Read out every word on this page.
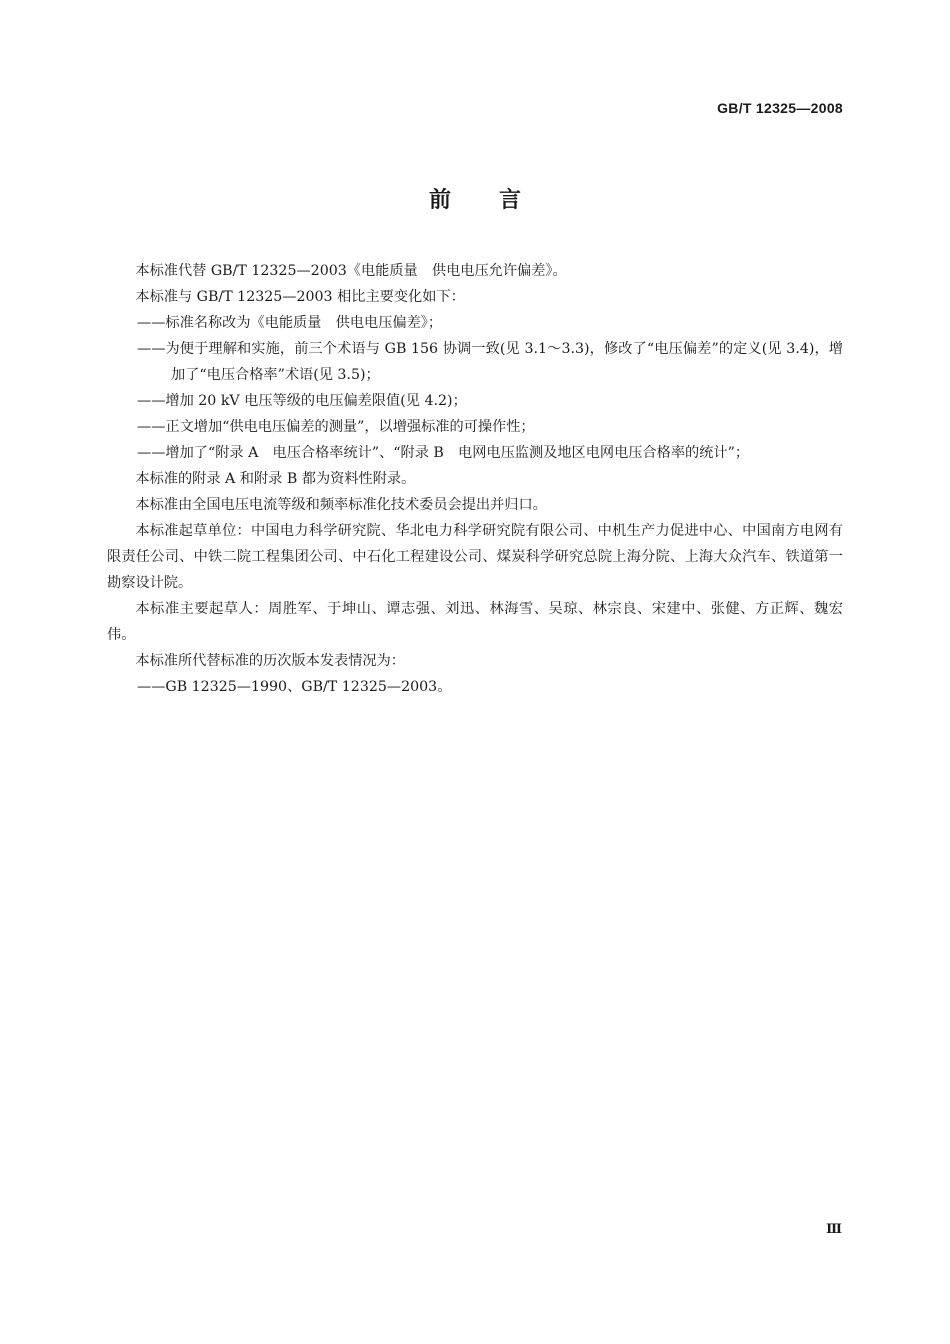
GB/T 12325—2008
前言

本标准代替 GB/T 12325—2003《电能质量　供电电压允许偏差》。

本标准与 GB/T 12325—2003 相比主要变化如下：

——标准名称改为《电能质量　供电电压偏差》；

——为便于理解和实施，前三个术语与 GB 156 协调一致(见 3.1～3.3)，修改了“电压偏差”的定义(见 3.4)，增加了“电压合格率”术语(见 3.5)；

——增加 20 kV 电压等级的电压偏差限值(见 4.2)；

——正文增加“供电电压偏差的测量”，以增强标准的可操作性；

——增加了“附录 A　电压合格率统计”、“附录 B　电网电压监测及地区电网电压合格率的统计”；

本标准的附录 A 和附录 B 都为资料性附录。

本标准由全国电压电流等级和频率标准化技术委员会提出并归口。

本标准起草单位：中国电力科学研究院、华北电力科学研究院有限公司、中机生产力促进中心、中国南方电网有限责任公司、中铁二院工程集团公司、中石化工程建设公司、煤炭科学研究总院上海分院、上海大众汽车、铁道第一勘察设计院。

本标准主要起草人：周胜军、于坤山、谭志强、刘迅、林海雪、吴琼、林宗良、宋建中、张健、方正辉、魏宏伟。

本标准所代替标准的历次版本发表情况为：

——GB 12325—1990、GB/T 12325—2003。

Ⅲ
